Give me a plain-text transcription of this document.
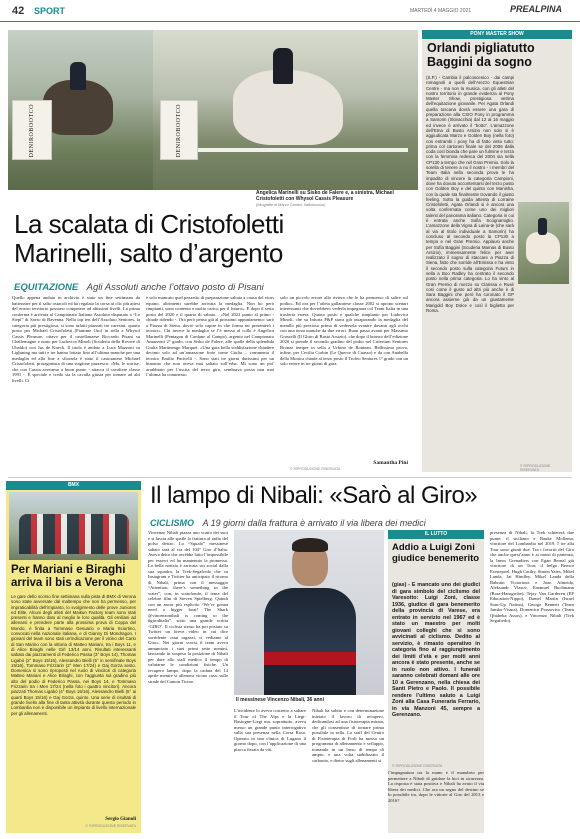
42 SPORT	MARTEDÌ 4 MAGGIO 2021	PREALPINA
DENIROBOOTCO	DENIROBOOTCO
Angelica Marinelli su Sisko de Falere e, a sinistra, Michael Cristofoletti con Whysol Cassis Pleasure
(fotografie di Marco Cantini, Valbonuccio)
La scalata di Cristofoletti
Marinelli, salto d’argento
EQUITAZIONE Agli Assoluti anche l’ottavo posto di Pisani
Quello appena andato in archivio è stato un fine settimana da battezzare per il salto ostacoli ed ha regalato la corsa ai clic più attesi del nostro territorio possono competere ad altissimi livelli. La prima conferma è arrivata al Campionato Italiano Assoluto disputato a “Le Siepi” di Savio di Ravenna. Nella top ten dell’Assoluto Seniores, la categoria più prestigiosa, si sono infatti piazzati tre varesini: quarto posto per Michael Cristofoletti (Fiamme Oro) in sella a Whysol Cassis Pleasure, ottavo per il castellanzese Riccardo Pisani su Chatlemagne e nono per Ludovica Minoli (Scuderia della Rovere di Ubaldo) con Jus de Kneck. Il titolo è andato a Luca Mazzoni su Lightning ma tutti e tre hanno lottato fino all’ultima manche per una medaglia ed alla fine a sfiorarla è stato il castoranese Michael Cristofoletti, protagonista di una stagione pazzesca: «Ma, le sorrise, che con Cassia avevamo a buon punto - attacca il cavaliere classe 1991 -. È speciale e credo sia la cavalla giusta per tornare ad alti livelli. Ci
è solo mancato quel pezzetto di preparazione saltata a causa del virus equino, altrimenti sarebbe arrivata la medaglia. Non ho però rimpianti, sono contento e molto carico per il futuro». E dopo il sesto posto del 2020 e il quarto di sabato... «Nel 2022 punto al primo - chiude ridendo -. Ora però penso già al prossimo appuntamento: sarò a Piazza di Siena, dovrò solo capire in che forma mi presenterò i tecnici». Chi invece la medaglia se l’è messa al collo è Angelica Marinelli (Pentagon di Cardano al Campo), argento nel Campionato Amazzoni 2° grado, con Sisko de Falere, alle spalle della splendida Giulia Martinengo Marquet. «Una gara bella soddisfazione chiudere decimo solo ad un’amazzone forte come Giulia – commenta il tecnico Emilio Puricelli -. Sono stati tre giorni durissimi per un binomio che non aveva mai saltato sull’erba. Mi sono un poi' arrabbiato per l’uscita del terzo giro, sembrava possa non mai l’ultima ha commesso
solo un piccolo errore alla riviera che le ha permesso di salire sul podio». Ed ora per l’atleta gallaratese classe 2002 si aprono scenari interessanti che dovrebbero vederla impegnata col Team Italia in una trasferta estera. Quarto posto e qualche rimpianto per Ludovica Minoli, che su Infuria P&P stava già assaporando la medaglia del metallo più prezioso prima di vedersela svanire davanti agli occhi con una terza manche da due errori. Buon passo avanti per Massimo Grasselli (Il Ghiro di Busto Arsizio), che dopo il bronzo dell’edizione 2020 si prende il secondo gradino del podio nel Criterium Seniores Bronze tempre in sella a Urbino de Bouteau. Bellissima prova, infine, per Cecilia Corbin (Le Querce di Cuasso) e da con Anabella della Monica chiude al terzo posto il Trofeo Seniores 1° grado con un solo errore in tre giorni di gara.
Samantha Pini
© RIPRODUZIONE RISERVATA
PONY MASTER SHOW
Orlandi pigliatutto Baggini da sogno
(S.P.) - Cambia il palcoscenico - dai campi romagnoli a quelli dell’Arezzo Equestrian Centre - ma non la musica, con gli atleti del nostro territorio in grande evidenza al Pony Master Show, prestigiosa vetrina dell’equitazione giovanile. Per Agata Orlandi quella toscana dovrà essere una gara di preparazione alla CSIO Pony in programma a Samorin (Slovacchia) dal 12 al 16 maggio ed invece è arrivato il “botto”. L’amazzone dell’Etna di Busto Arsizio non solo si è aggiudicata Marzo e Golden Boy (nella foto) con entrambi i pony ha di fatto vinto tutto: prima col cartonen finale se del 2006 dalla coda così bionda che pare un fulmine e terza con la femmina redesca del 2004 sia nella CP130 a tempo che nel Gran Premio. Solo la sorella di tenere a no il nostro - i membri del Team Italia nella seconda prova le ha impadito di vincere la categoria Campioni, dove ha dovuto accontentarsi del terzo posto con Golden Boy e del quinto con Manisha, con la quale sta finalmente trovando il giusto feeling. Sotto la guida attenta di Lorraine Cristofoletti, Agata Orlandi si è ancora una volta confermata come uno dei migliori talenti del panorama italiano. Categoria in cui è entrata anche Sofia Scognamiglio. L’amazzone della Vigna di Laina-te (che sarà al via al titolo individuale a Samorin) ha concluso al secondo posto la CP130 a tempo e nel Gran Premio. Applausi anche per Sofia Baggini (Scuderia Mamas di Busto Arsizio), immensamente felice per aver realizzato il sogno di staccare a Piazza di Siena, fatto che sorride all’Emissa e ha vinto il secondo posto sulla categoria Futurs in sella a Boo Radley ha centrato il secondo posto nella prima categoria. Lo ha vinto al Gran Premio di mezzo su Clarissa e Rusè così come il gusto ad altri più anche è di Sara Baggini che però ha coronato il GP ancora assieme già da un giustamente Marigold Boy Dolce e così il biglietto per Roma.
© RIPRODUZIONE RISERVATA
BMX
Per Mariani e Biraghi arriva il bis a Verona
Le gare dello scorso fine settimana sulla pista di BMX di Verona sono state avversate dal maltempo che non ha permesso, per impraticabilità dell’impianto, lo svolgimento delle prove Juniores ed Elite. Alcuni degli atleti del Maikun Factory team sono stati presenti e hanno dato al meglio le loro qualità. Gli emiliani ad allenarsi e prendere parte alla prossima prova di Coppa del Mondo, è finita a Tommaso Gesuario e Maria Sciortino, convocati nella nazionale italiana, e di Gianny Di Mondragon. I giovani del team sono stati un’indicazione per il vicino del Carlo di San Marino con la vittoria di Matteo Mariani, tra i Boys 11, e di Alice Biraghi nelle Girl 13/14 anni. Risultati interessanti sabato dai piazzamenti di Federico Passa (3° Boys 14), Thomas Ligabò (2° Boys 15/16), Alessandro Bielli (5° in semifinale Boys 15/16), Tommaso Frizzarin (2° Men 17/24) e Gaj Gorza sesto. Domenica si sono riproposti nel ruolo di vincitori di categoria Matteo Mariani e Alice Biraghi, con l’aggiunta sul gradino più alto del podio di Federico Passa, nei Boys 14, e Tommaso Frizzarin tra i Men 17/24 (nella foto i quattro vincitori). Ancora piazzati Thomas Ligabò (4° Boys 15/16), Alessandro Bielli (5° ai quarti Boys 15/16) e Gaj Gorza, quinto. Una serie di risultati di grande livello alla fine di tanta attività durante questo periodo in Lombardia non è disponibile un impianto di livello internazionale per gli allenamenti.
Sergio Gianoli
© RIPRODUZIONE RISERVATA
Il lampo di Nibali: «Sarò al Giro»
CICLISMO A 19 giorni dalla frattura è arrivato il via libera dei medici
Vincenzo Nibali piazza uno scatto dei suoi e si lascia alle spalle la frattura al radio del polso destro. Lo “Squalo” messinese sabato sarà al via del 104° Giro d’Italia. Aveva detto che avrebbe fatto l’impossibile per esserci ed ha mantenuto la promessa. La bella notizia è arrivata sui social dalla sua squadra, la Trek-Segafredo che su Instagram e Twitter ha anticipato il ritorno di Nibali, prima con il messaggio “Attention, there’s something in the water”, con, in sottofondo, il tema del celebre film di Steven Spielberg. Quindi con un ancor più esplicito “We’re gonna need a bigger boat! The Shark @vincenzonibali is coming to the #giroditalia”, sotto una grande scritta ‘GIRO’. Il ciclista stesso ha poi postato su Twitter un breve video in cui dice sorridente «stai ragazzi, ci vediamo al Giro». Nei giorni scorsi il team aveva annunciato i suoi primi sette nomini, lasciando in sospeso la posizione di Nibali per dare allo staff medico il tempo di valutarne le condizioni fisiche. Un recupero lampo, dopo la caduta del 14 aprile mentre si allenava vicino casa, sulle strade del Canton Ticino.
Il messinese Vincenzo Nibali, 36 anni
L’incidente lo aveva costretto a saltare il Tour of The Alps e la Liegi-Bastogne-Liegi ma, soprattutto, aveva messo un grande punto interrogativo sulla sua presenza nella Corsa Rosa. Operato in una clinica di Lugano il giorno dopo, con l’applicazione di una placca fissata da viti,
Nibali ha subito e con determinazione iniziato il lavoro di recupero, dedicandosi ad una fisioterapia mirata, che gli consentisse di tornare prima possibile in sella. Lo staff del Centro di Fisioterapia di Forlì ha messo un programma di allenamento e sviluppo, tornando in un lasso di tempo di ampio, e una volta stabilizzato il carbonio, e dietro sugli allenamenti si
IL LUTTO
Addio a Luigi Zoni giudice benemerito
(gias) - È mancato uno dei giudici di gara simbolo del ciclismo del Varesotto: Luigi Zoni, classe 1936, giudice di gara benemerito della provincia di Varese, era entrato in servizio nel 1967 ed è stato un maestro per molti giovani colleghi che si sono avvicinati al ciclismo. Dedito al servizio, è rimasto operativo in categoria fino al raggiungimento dei limiti d’età e per molti anni ancora è stato presente, anche se in ruolo non attivo. I funerali saranno celebrati domani alle ore 10 a Gerenzano, nella chiesa dei Santi Pietro e Paolo. Il possibile rendere l’ultimo saluto a Luigi Zoni alla Casa Funeraria Ferrario, in via Manzoni 45, sempre a Gerenzano.
© RIPRODUZIONE RISERVATA
l’impugnatura tra la mano e il manubrio per permettere a Nibali di guidare la bici in sicurezza. La risposta è stata positiva e Nibali ha avuto il via libera dei medici. Che ora un segno del destino se lo possibile tra, dopo le vittorie al Giro del 2013 e 2016?
presenza di Nibali, la Trek schiererà due punte: il siciliano e Bauke Mollema, vincitore del Lombardia nel 2019. I tre alla Tour sono giunti due. Tra i favoriti del Giro che anche quest’anno è ai nastri di partenza, la Ineos Grenadiers con Egan Bernal già vincitore di un Tour, il belga Remco Evenepoel, Hugh Carthy, Simon Yates, Mikel Landa, Jai Hindley, Mikel Landa della Bahrain Victorious e Joao Almeida, Aleksandr Vlasov, Emanuel Buchmann (Bora-Hansgrohe), Tejay Van Garderen (EF Education-Nippo), Daniel Martin (Israel Start-Up Nation), George Bennett (Team Jumbo-Visma), Domenico Pozzovivo (Team Qhubeka Assos), e Vincenzo Nibali (Trek Segafredo).
